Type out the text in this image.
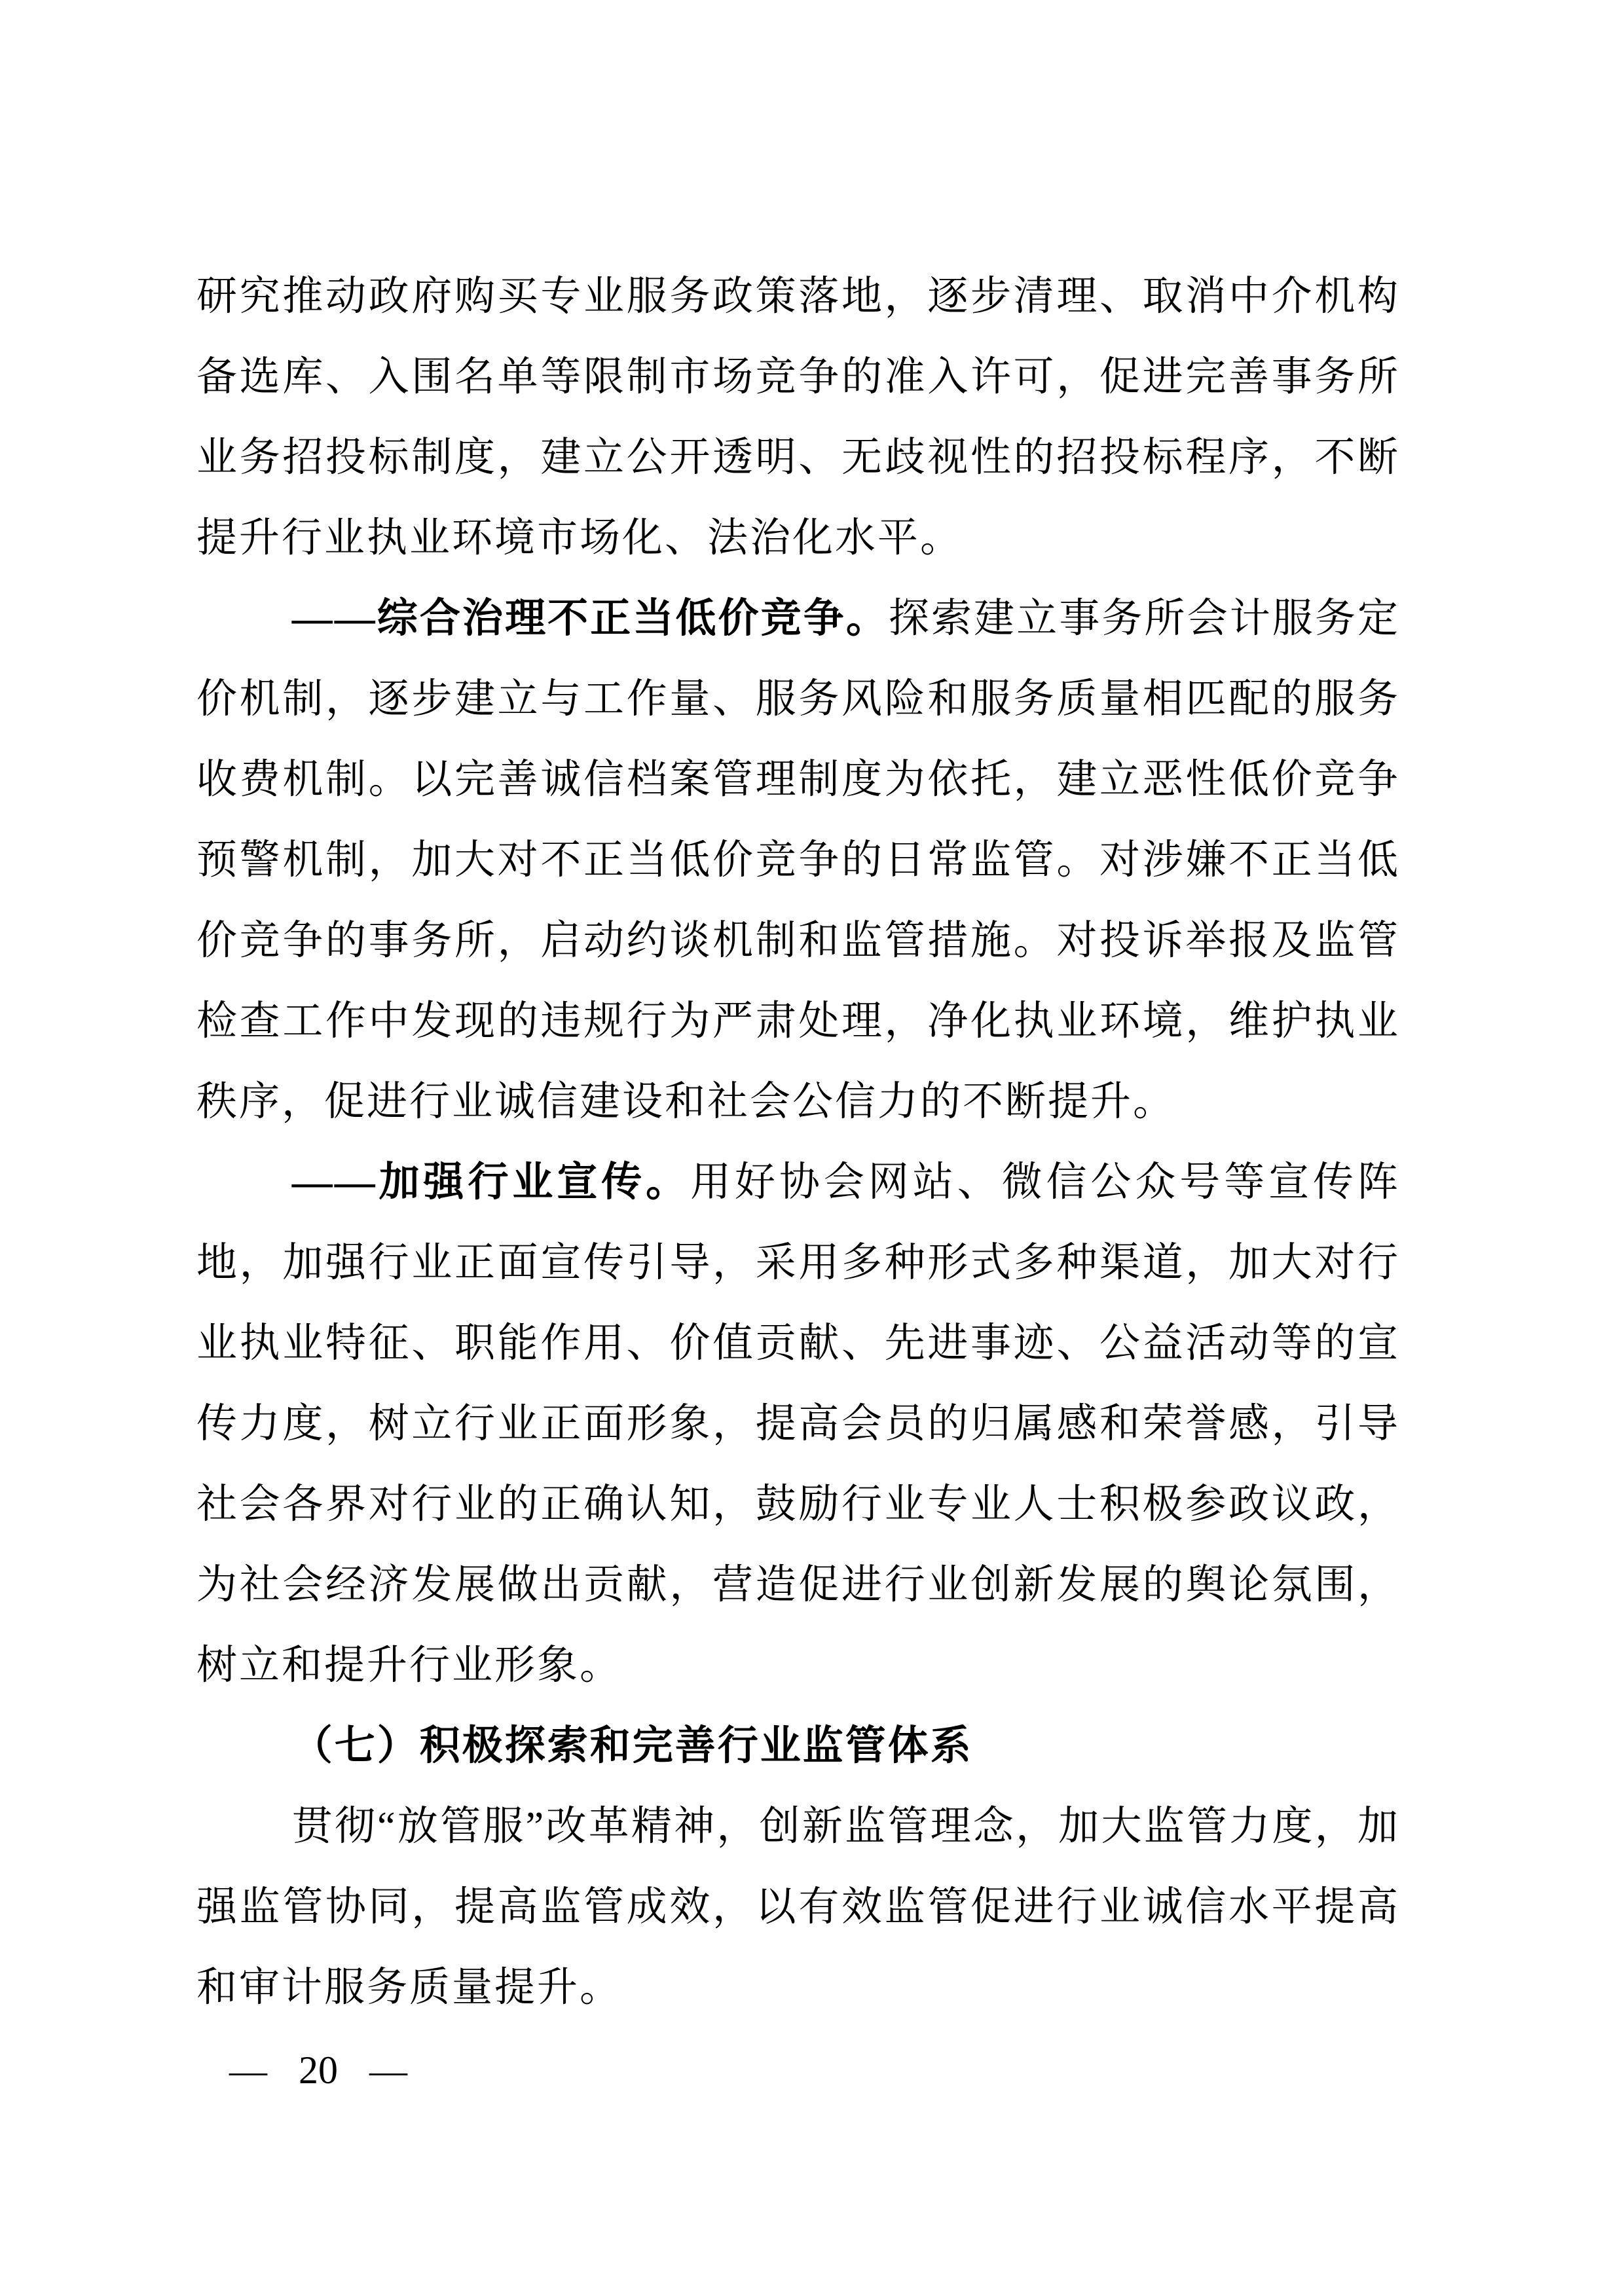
研究推动政府购买专业服务政策落地，逐步清理、取消中介机构备选库、入围名单等限制市场竞争的准入许可，促进完善事务所业务招投标制度，建立公开透明、无歧视性的招投标程序，不断提升行业执业环境市场化、法治化水平。

——综合治理不正当低价竞争。探索建立事务所会计服务定价机制，逐步建立与工作量、服务风险和服务质量相匹配的服务收费机制。以完善诚信档案管理制度为依托，建立恶性低价竞争预警机制，加大对不正当低价竞争的日常监管。对涉嫌不正当低价竞争的事务所，启动约谈机制和监管措施。对投诉举报及监管检查工作中发现的违规行为严肃处理，净化执业环境，维护执业秩序，促进行业诚信建设和社会公信力的不断提升。

——加强行业宣传。用好协会网站、微信公众号等宣传阵地，加强行业正面宣传引导，采用多种形式多种渠道，加大对行业执业特征、职能作用、价值贡献、先进事迹、公益活动等的宣传力度，树立行业正面形象，提高会员的归属感和荣誉感，引导社会各界对行业的正确认知，鼓励行业专业人士积极参政议政，为社会经济发展做出贡献，营造促进行业创新发展的舆论氛围，树立和提升行业形象。

（七）积极探索和完善行业监管体系

贯彻“放管服”改革精神，创新监管理念，加大监管力度，加强监管协同，提高监管成效，以有效监管促进行业诚信水平提高和审计服务质量提升。

— 20 —
